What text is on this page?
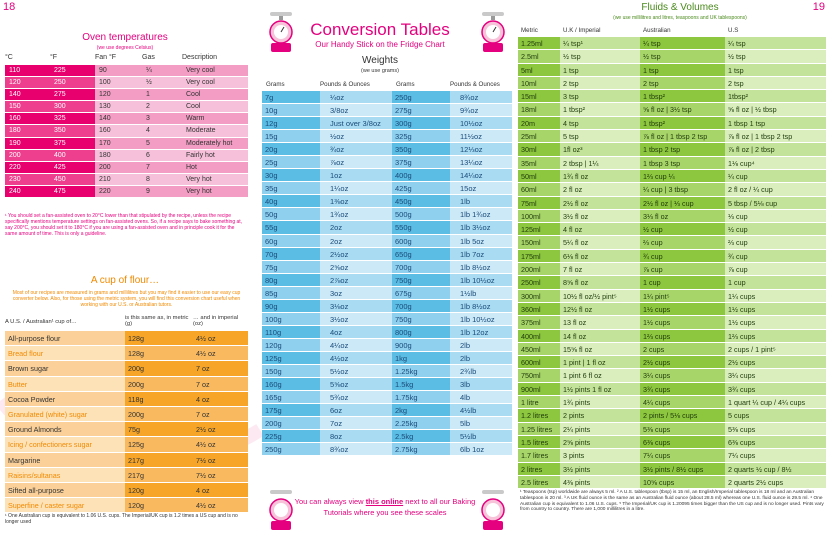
18	19
Oven temperatures
(we use degrees Celsius)
°C	°F	Fan °F	Gas	Description
110	225	90	¼	Very cool
120	250	100	½	Very cool
140	275	120	1	Cool
150	300	130	2	Cool
160	325	140	3	Warm
180	350	160	4	Moderate
190	375	170	5	Moderately hot
200	400	180	6	Fairly hot
220	425	200	7	Hot
230	450	210	8	Very hot
240	475	220	9	Very hot
¹ You should set a fan-assisted oven to 20°C lower than that stipulated by the recipe, unless the recipe specifically mentions temperature settings on fan-assisted ovens. So, if a recipe says to bake something at, say 200°C, you should set it to 180°C if you are using a fan-assisted oven and in principle cook it for the same amount of time. This is only a guideline.
A cup of flour…
Most of our recipes are measured in grams and millilitres but you may find it easier to use our easy cup converter below. Also, for those using the metric system, you will find this conversion chart useful when working with our U.S. or Australian tutors.
A U.S. / Australian¹ cup of…
is this same as, in metric (g)
… and in imperial (oz)
All-purpose flour	128g	4½ oz
Bread flour	128g	4½ oz
Brown sugar	200g	7 oz
Butter	200g	7 oz
Cocoa Powder	118g	4 oz
Granulated (white) sugar	200g	7 oz
Ground Almonds	75g	2½ oz
Icing / confectioners sugar	125g	4½ oz
Margarine	217g	7½ oz
Raisins/sultanas	217g	7½ oz
Sifted all-purpose	120g	4 oz
Superfine / caster sugar	120g	4½ oz
¹ One Australian cup is equivalent to 1.06 U.S. cups. The Imperial/UK cup is 1.2 times a US cup and is no longer used
Conversion Tables
Our Handy Stick on the Fridge Chart
Weights
(we use grams)
Grams	Pounds & Ounces	Grams	Pounds & Ounces
7g	¼oz	250g	8¾oz
10g	3/8oz	275g	9¾oz
12g	Just over 3/8oz	300g	10½oz
15g	½oz	325g	11½oz
20g	¾oz	350g	12⅓oz
25g	⅞oz	375g	13¼oz
30g	1oz	400g	14¼oz
35g	1¼oz	425g	15oz
40g	1⅜oz	450g	1lb
50g	1¾oz	500g	1lb 1¾oz
55g	2oz	550g	1lb 3½oz
60g	2oz	600g	1lb 5oz
70g	2½oz	650g	1lb 7oz
75g	2⅝oz	700g	1lb 8½oz
80g	2⅞oz	750g	1lb 10½oz
85g	3oz	675g	1½lb
90g	3⅛oz	700g	1lb 8½oz
100g	3½oz	750g	1lb 10½oz
110g	4oz	800g	1lb 12oz
120g	4¼oz	900g	2lb
125g	4½oz	1kg	2lb
150g	5½oz	1.25kg	2¾lb
160g	5⅝oz	1.5kg	3lb
165g	5¾oz	1.75kg	4lb
175g	6oz	2kg	4½lb
200g	7oz	2.25kg	5lb
225g	8oz	2.5kg	5½lb
250g	8¾oz	2.75kg	6lb 1oz
You can always view this online next to all our Baking Tutorials where you see these scales
Fluids & Volumes
(we use millilitres and litres, teaspoons and UK tablespoons)
Metric	U.K / Imperial	Australian	U.S
1.25ml	¼ tsp¹	¼ tsp	¼ tsp
2.5ml	½ tsp	½ tsp	½ tsp
5ml	1 tsp	1 tsp	1 tsp
10ml	2 tsp	2 tsp	2 tsp
15ml	3 tsp	1 tbsp²	1tbsp²
18ml	1 tbsp²	⅝ fl oz | 3½ tsp	⅝ fl oz | ½ tbsp
20m	4 tsp	1 tbsp²	1 tbsp 1 tsp
25ml	5 tsp	⅞ fl oz | 1 tbsp 2 tsp	⅞ fl oz | 1 tbsp 2 tsp
30ml	1fl oz³	1 tbsp 2 tsp	⅞ fl oz | 2 tbsp
35ml	2 tbsp | 1¼	1 tbsp 3 tsp	1⅛ cup⁴
50ml	1¾ fl oz	1⅔ cup ¼	¼ cup
60ml	2 fl oz	¼ cup | 3 tbsp	2 fl oz / ¼ cup
75ml	2½ fl oz	2½ fl oz | ⅓ cup	5 tbsp / 5⅛ cup
100ml	3½ fl oz	3⅓ fl oz	⅓ cup
125ml	4 fl oz	½ cup	½ cup
150ml	5¼ fl oz	⅔ cup	⅔ cup
175ml	6⅛ fl oz	¾ cup	¾ cup
200ml	7 fl oz	⅞ cup	⅞ cup
250ml	8⅝ fl oz	1 cup	1 cup
300ml	10½ fl oz/½ pint⁵	1¼ pint⁵	1¼ cups
360ml	12½ fl oz	1½ cups	1½ cups
375ml	13 fl oz	1½ cups	1½ cups
400ml	14 fl oz	1⅔ cups	1⅔ cups
450ml	15⅝ fl oz	2 cups	2 cups / 1 pint⁵
600ml	1 pint | 1 fl oz	2½ cups	2½ cups
750ml	1 pint 6 fl oz	3¼ cups	3¼ cups
900ml	1½ pints 1 fl oz	3¾ cups	3¾ cups
1 litre	1¾ pints	4¼ cups	1 quart ¼ cup / 4¼ cups
1.2 litres	2 pints	2 pints / 5⅛ cups	5 cups
1.25 litres	2¼ pints	5⅜ cups	5⅜ cups
1.5 litres	2⅝ pints	6⅜ cups	6⅜ cups
1.7 litres	3 pints	7¼ cups	7¼ cups
2 litres	3½ pints	3½ pints / 8½ cups	2 quarts ½ cup / 8½
2.5 litres	4⅜ pints	10⅝ cups	2 quarts 2½ cups
¹ Teaspoons (tsp) worldwide are always 5 ml. ² A U.S. tablespoon (tbsp) is 15 ml, an English/Imperial tablespoon is 18 ml and an Australian tablespoon is 20 ml. ³ A UK fluid ounce is the same as an Australian fluid ounce (about 28.5 ml) whereas one U.S. fluid ounce is 29.5 ml. ⁴ One Australian cup is equivalent to 1.06 U.S. cups. ⁵ The Imperial/UK cup is 1.20095 times bigger than the US cup and is no longer used. Pints vary from country to country. There are 1,000 millilitres in a litre.
